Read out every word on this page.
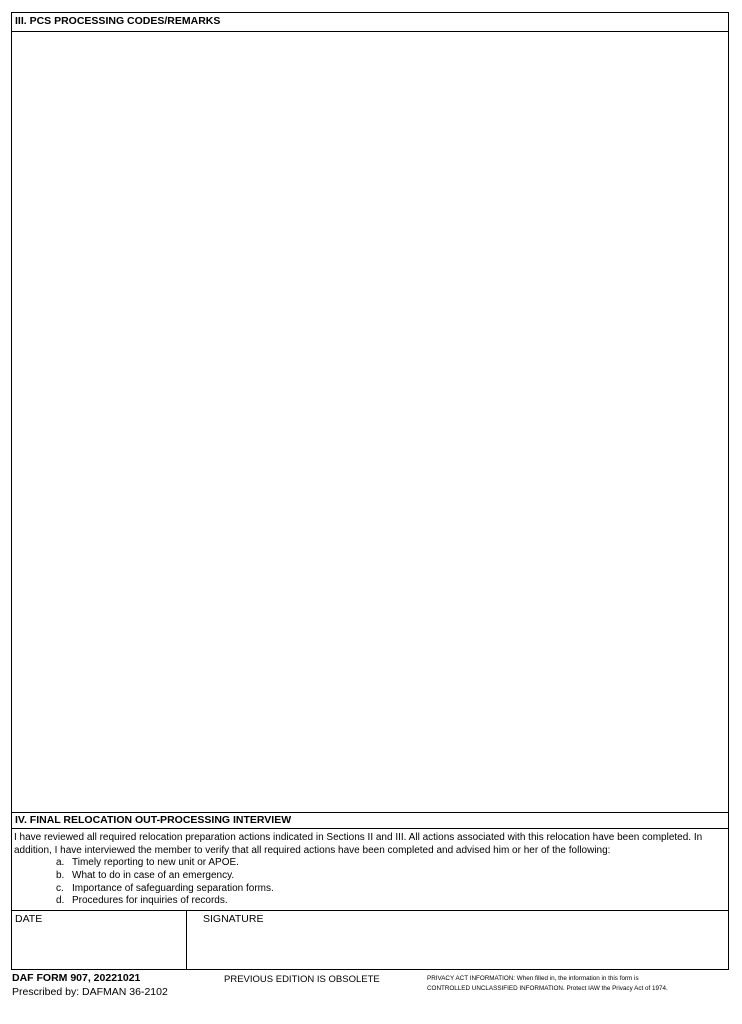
III. PCS PROCESSING CODES/REMARKS
IV. FINAL RELOCATION OUT-PROCESSING INTERVIEW
I have reviewed all required relocation preparation actions indicated in Sections II and III. All actions associated with this relocation have been completed. In addition, I have interviewed the member to verify that all required actions have been completed and advised him or her of the following:
a. Timely reporting to new unit or APOE.
b. What to do in case of an emergency.
c. Importance of safeguarding separation forms.
d. Procedures for inquiries of records.
DATE	SIGNATURE
DAF FORM 907, 20221021
Prescribed by: DAFMAN 36-2102
PREVIOUS EDITION IS OBSOLETE	PRIVACY ACT INFORMATION: When filled in, the information in this form is
CONTROLLED UNCLASSIFIED INFORMATION. Protect IAW the Privacy Act of 1974.
